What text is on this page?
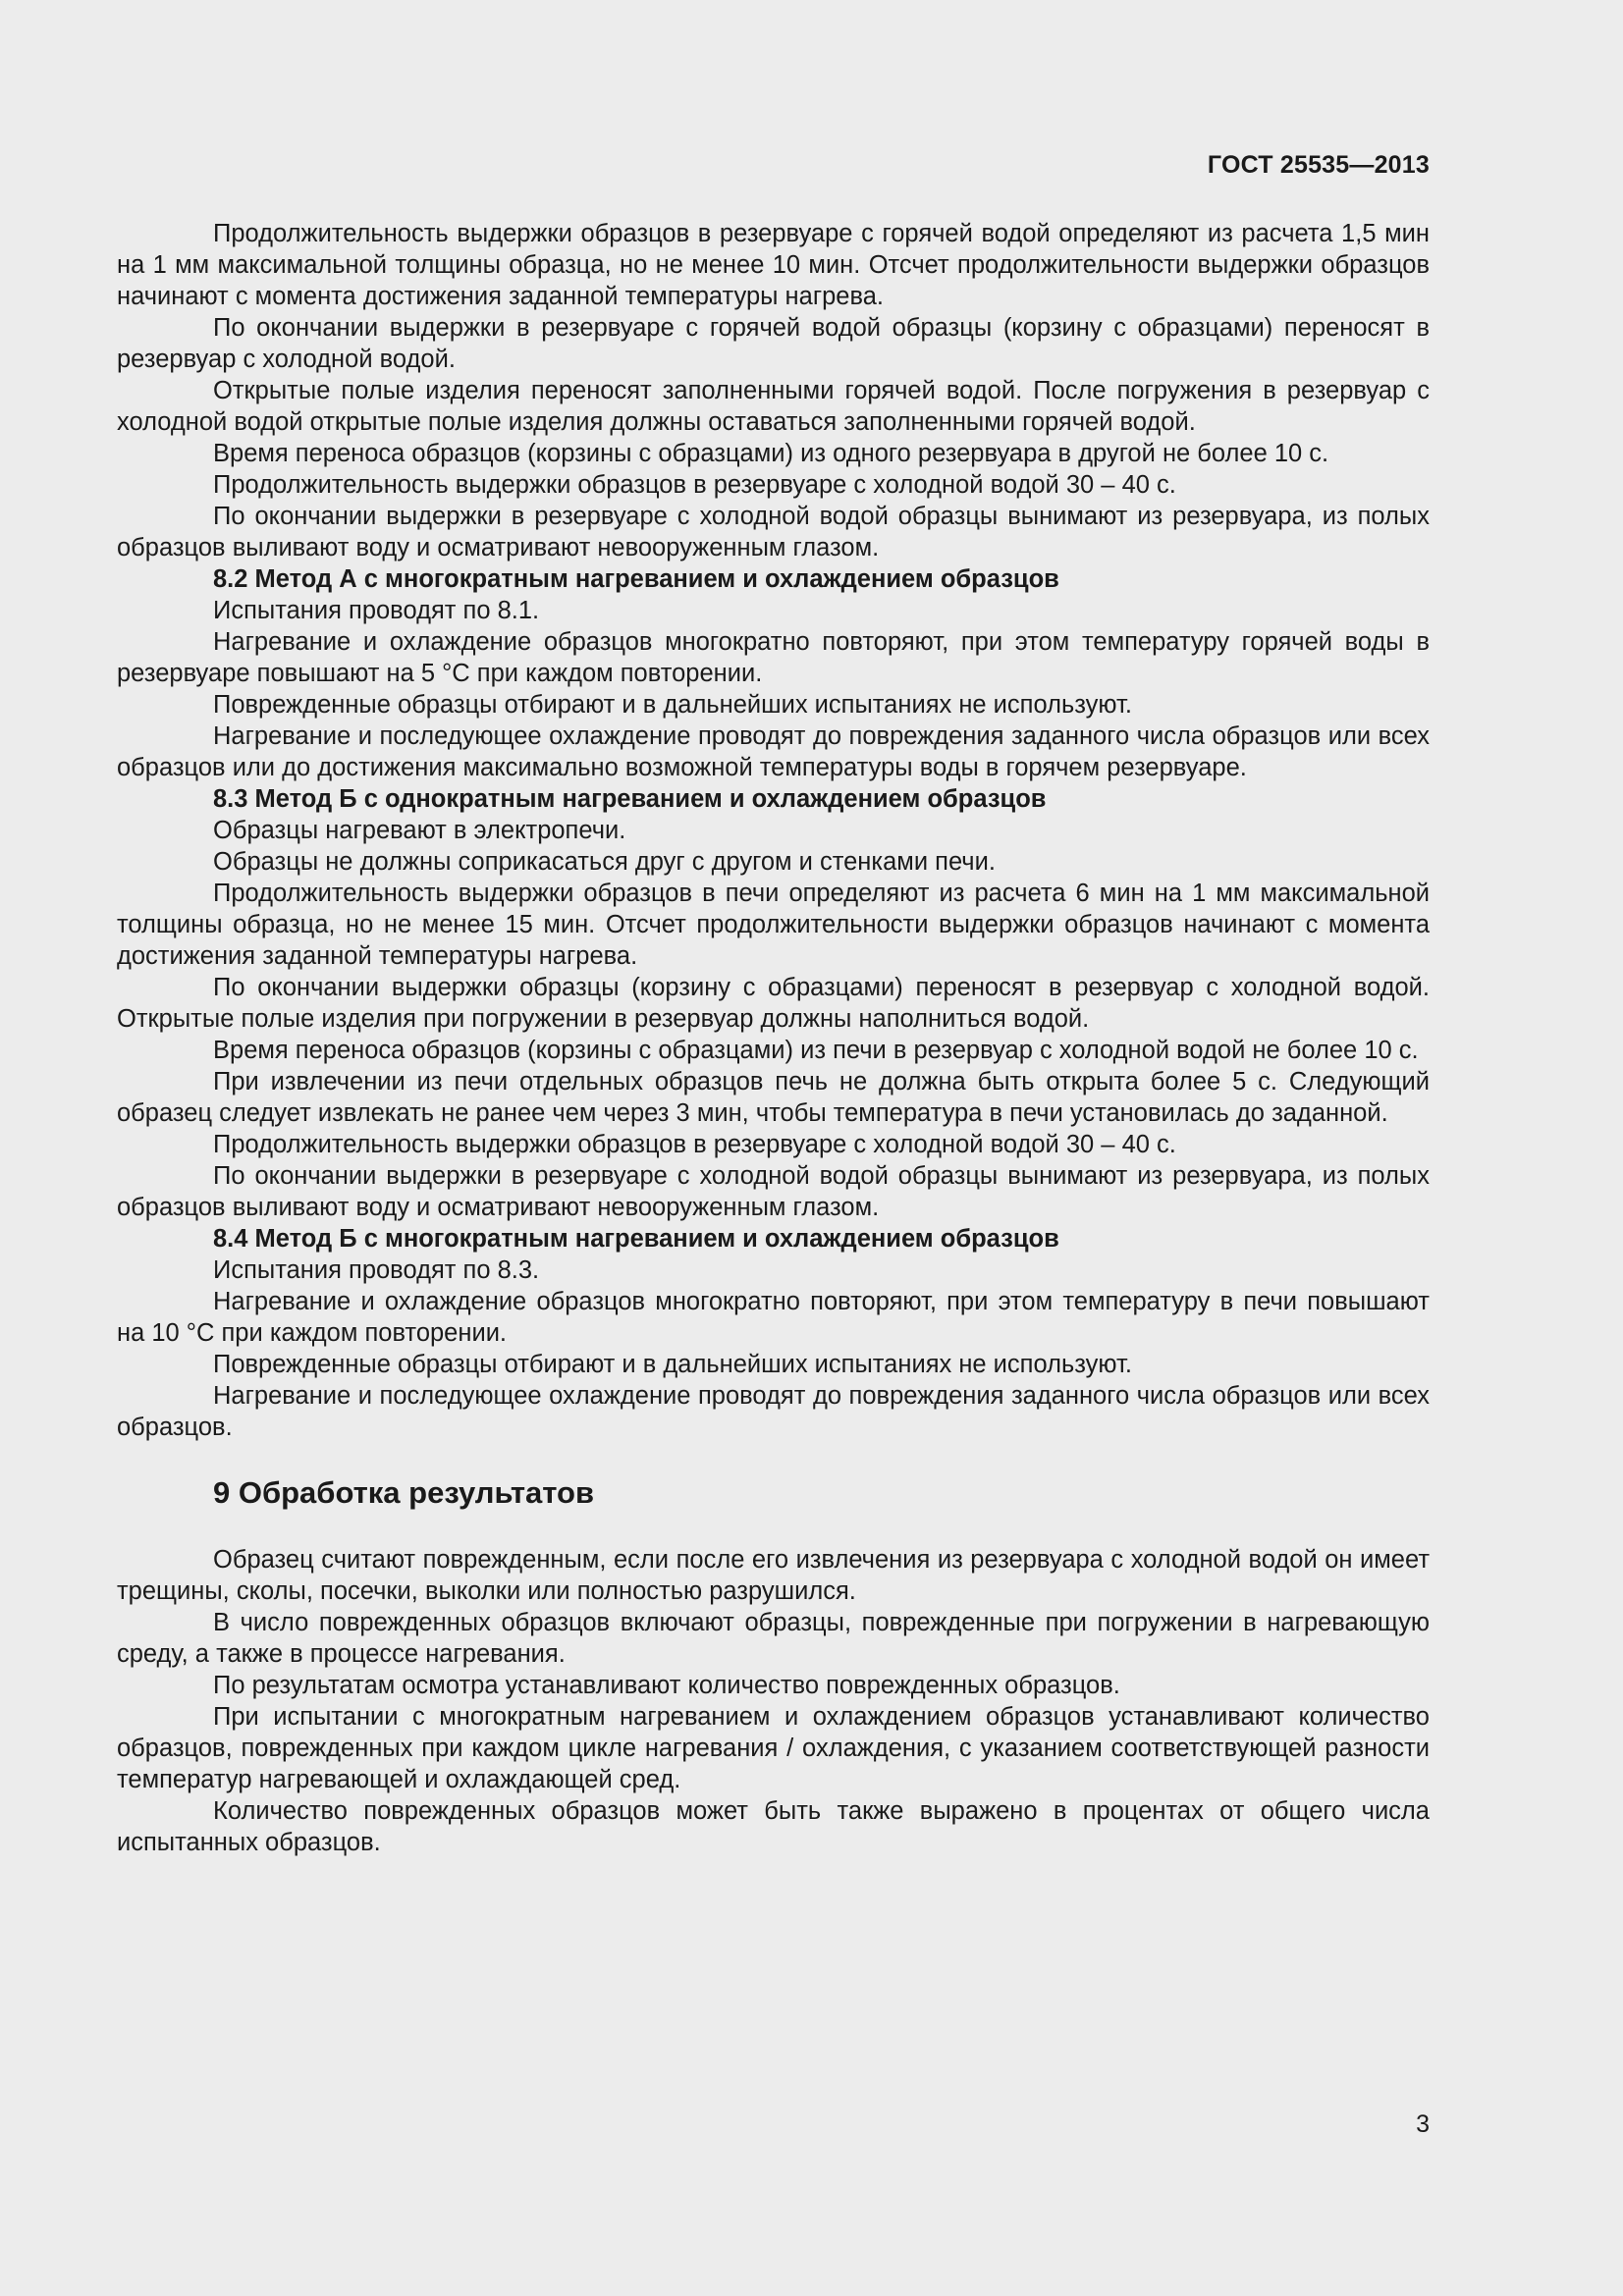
ГОСТ 25535—2013

Продолжительность выдержки образцов в резервуаре с горячей водой определяют из расчета 1,5 мин на 1 мм максимальной толщины образца, но не менее 10 мин. Отсчет продолжительности выдержки образцов начинают с момента достижения заданной температуры нагрева.

По окончании выдержки в резервуаре с горячей водой образцы (корзину с образцами) переносят в резервуар с холодной водой.

Открытые полые изделия переносят заполненными горячей водой. После погружения в резервуар с холодной водой открытые полые изделия должны оставаться заполненными горячей водой.

Время переноса образцов (корзины с образцами) из одного резервуара в другой не более 10 с.

Продолжительность выдержки образцов в резервуаре с холодной водой 30 – 40 с.

По окончании выдержки в резервуаре с холодной водой образцы вынимают из резервуара, из полых образцов выливают воду и осматривают невооруженным глазом.

8.2 Метод А с многократным нагреванием и охлаждением образцов

Испытания проводят по 8.1.

Нагревание и охлаждение образцов многократно повторяют, при этом температуру горячей воды в резервуаре повышают на 5 °С при каждом повторении.

Поврежденные образцы отбирают и в дальнейших испытаниях не используют.

Нагревание и последующее охлаждение проводят до повреждения заданного числа образцов или всех образцов или до достижения максимально возможной температуры воды в горячем резервуаре.

8.3 Метод Б с однократным нагреванием и охлаждением образцов

Образцы нагревают в электропечи.

Образцы не должны соприкасаться друг с другом и стенками печи.

Продолжительность выдержки образцов в печи определяют из расчета 6 мин на 1 мм максимальной толщины образца, но не менее 15 мин. Отсчет продолжительности выдержки образцов начинают с момента достижения заданной температуры нагрева.

По окончании выдержки образцы (корзину с образцами) переносят в резервуар с холодной водой. Открытые полые изделия при погружении в резервуар должны наполниться водой.

Время переноса образцов (корзины с образцами) из печи в резервуар с холодной водой не более 10 с.

При извлечении из печи отдельных образцов печь не должна быть открыта более 5 с. Следующий образец следует извлекать не ранее чем через 3 мин, чтобы температура в печи установилась до заданной.

Продолжительность выдержки образцов в резервуаре с холодной водой 30 – 40 с.

По окончании выдержки в резервуаре с холодной водой образцы вынимают из резервуара, из полых образцов выливают воду и осматривают невооруженным глазом.

8.4 Метод Б с многократным нагреванием и охлаждением образцов

Испытания проводят по 8.3.

Нагревание и охлаждение образцов многократно повторяют, при этом температуру в печи повышают на 10 °С при каждом повторении.

Поврежденные образцы отбирают и в дальнейших испытаниях не используют.

Нагревание и последующее охлаждение проводят до повреждения заданного числа образцов или всех образцов.

9 Обработка результатов

Образец считают поврежденным, если после его извлечения из резервуара с холодной водой он имеет трещины, сколы, посечки, выколки или полностью разрушился.

В число поврежденных образцов включают образцы, поврежденные при погружении в нагревающую среду, а также в процессе нагревания.

По результатам осмотра устанавливают количество поврежденных образцов.

При испытании с многократным нагреванием и охлаждением образцов устанавливают количество образцов, поврежденных при каждом цикле нагревания / охлаждения, с указанием соответствующей разности температур нагревающей и охлаждающей сред.

Количество поврежденных образцов может быть также выражено в процентах от общего числа испытанных образцов.

3
